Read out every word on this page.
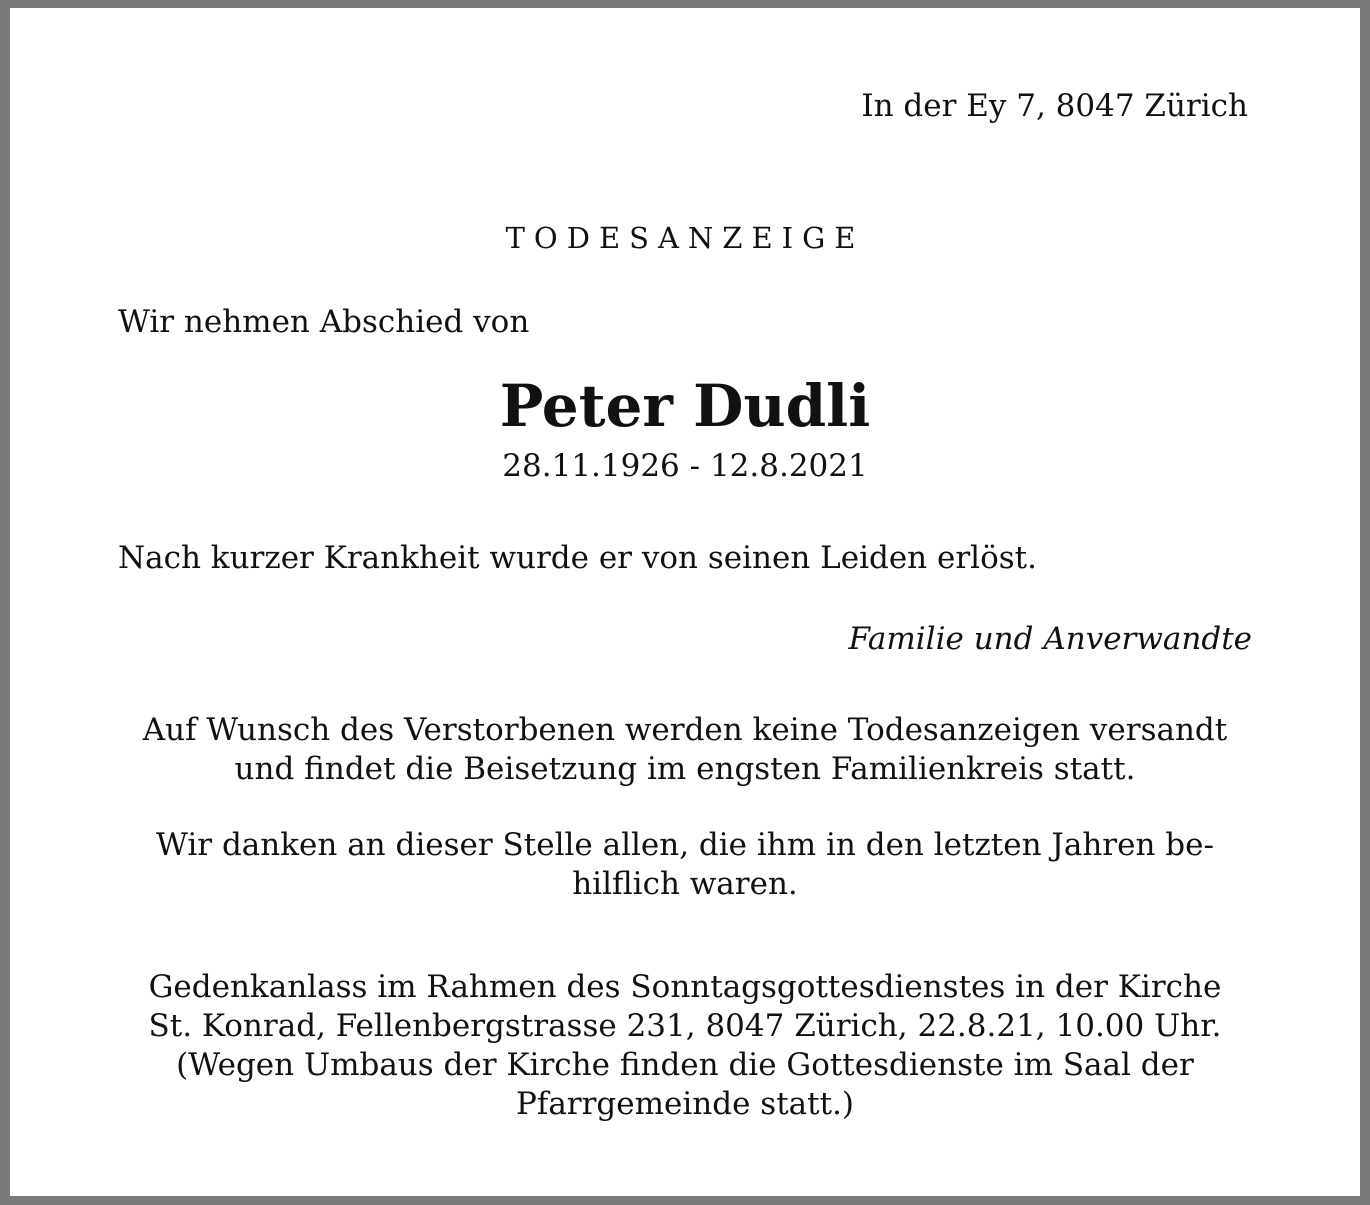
In der Ey 7, 8047 Zürich
TODESANZEIGE
Wir nehmen Abschied von
Peter Dudli
28.11.1926 - 12.8.2021
Nach kurzer Krankheit wurde er von seinen Leiden erlöst.
Familie und Anverwandte
Auf Wunsch des Verstorbenen werden keine Todesanzeigen versandt
und findet die Beisetzung im engsten Familienkreis statt.
Wir danken an dieser Stelle allen, die ihm in den letzten Jahren be-
hilflich waren.
Gedenkanlass im Rahmen des Sonntagsgottesdienstes in der Kirche
St. Konrad, Fellenbergstrasse 231, 8047 Zürich, 22.8.21, 10.00 Uhr.
(Wegen Umbaus der Kirche finden die Gottesdienste im Saal der
Pfarrgemeinde statt.)
